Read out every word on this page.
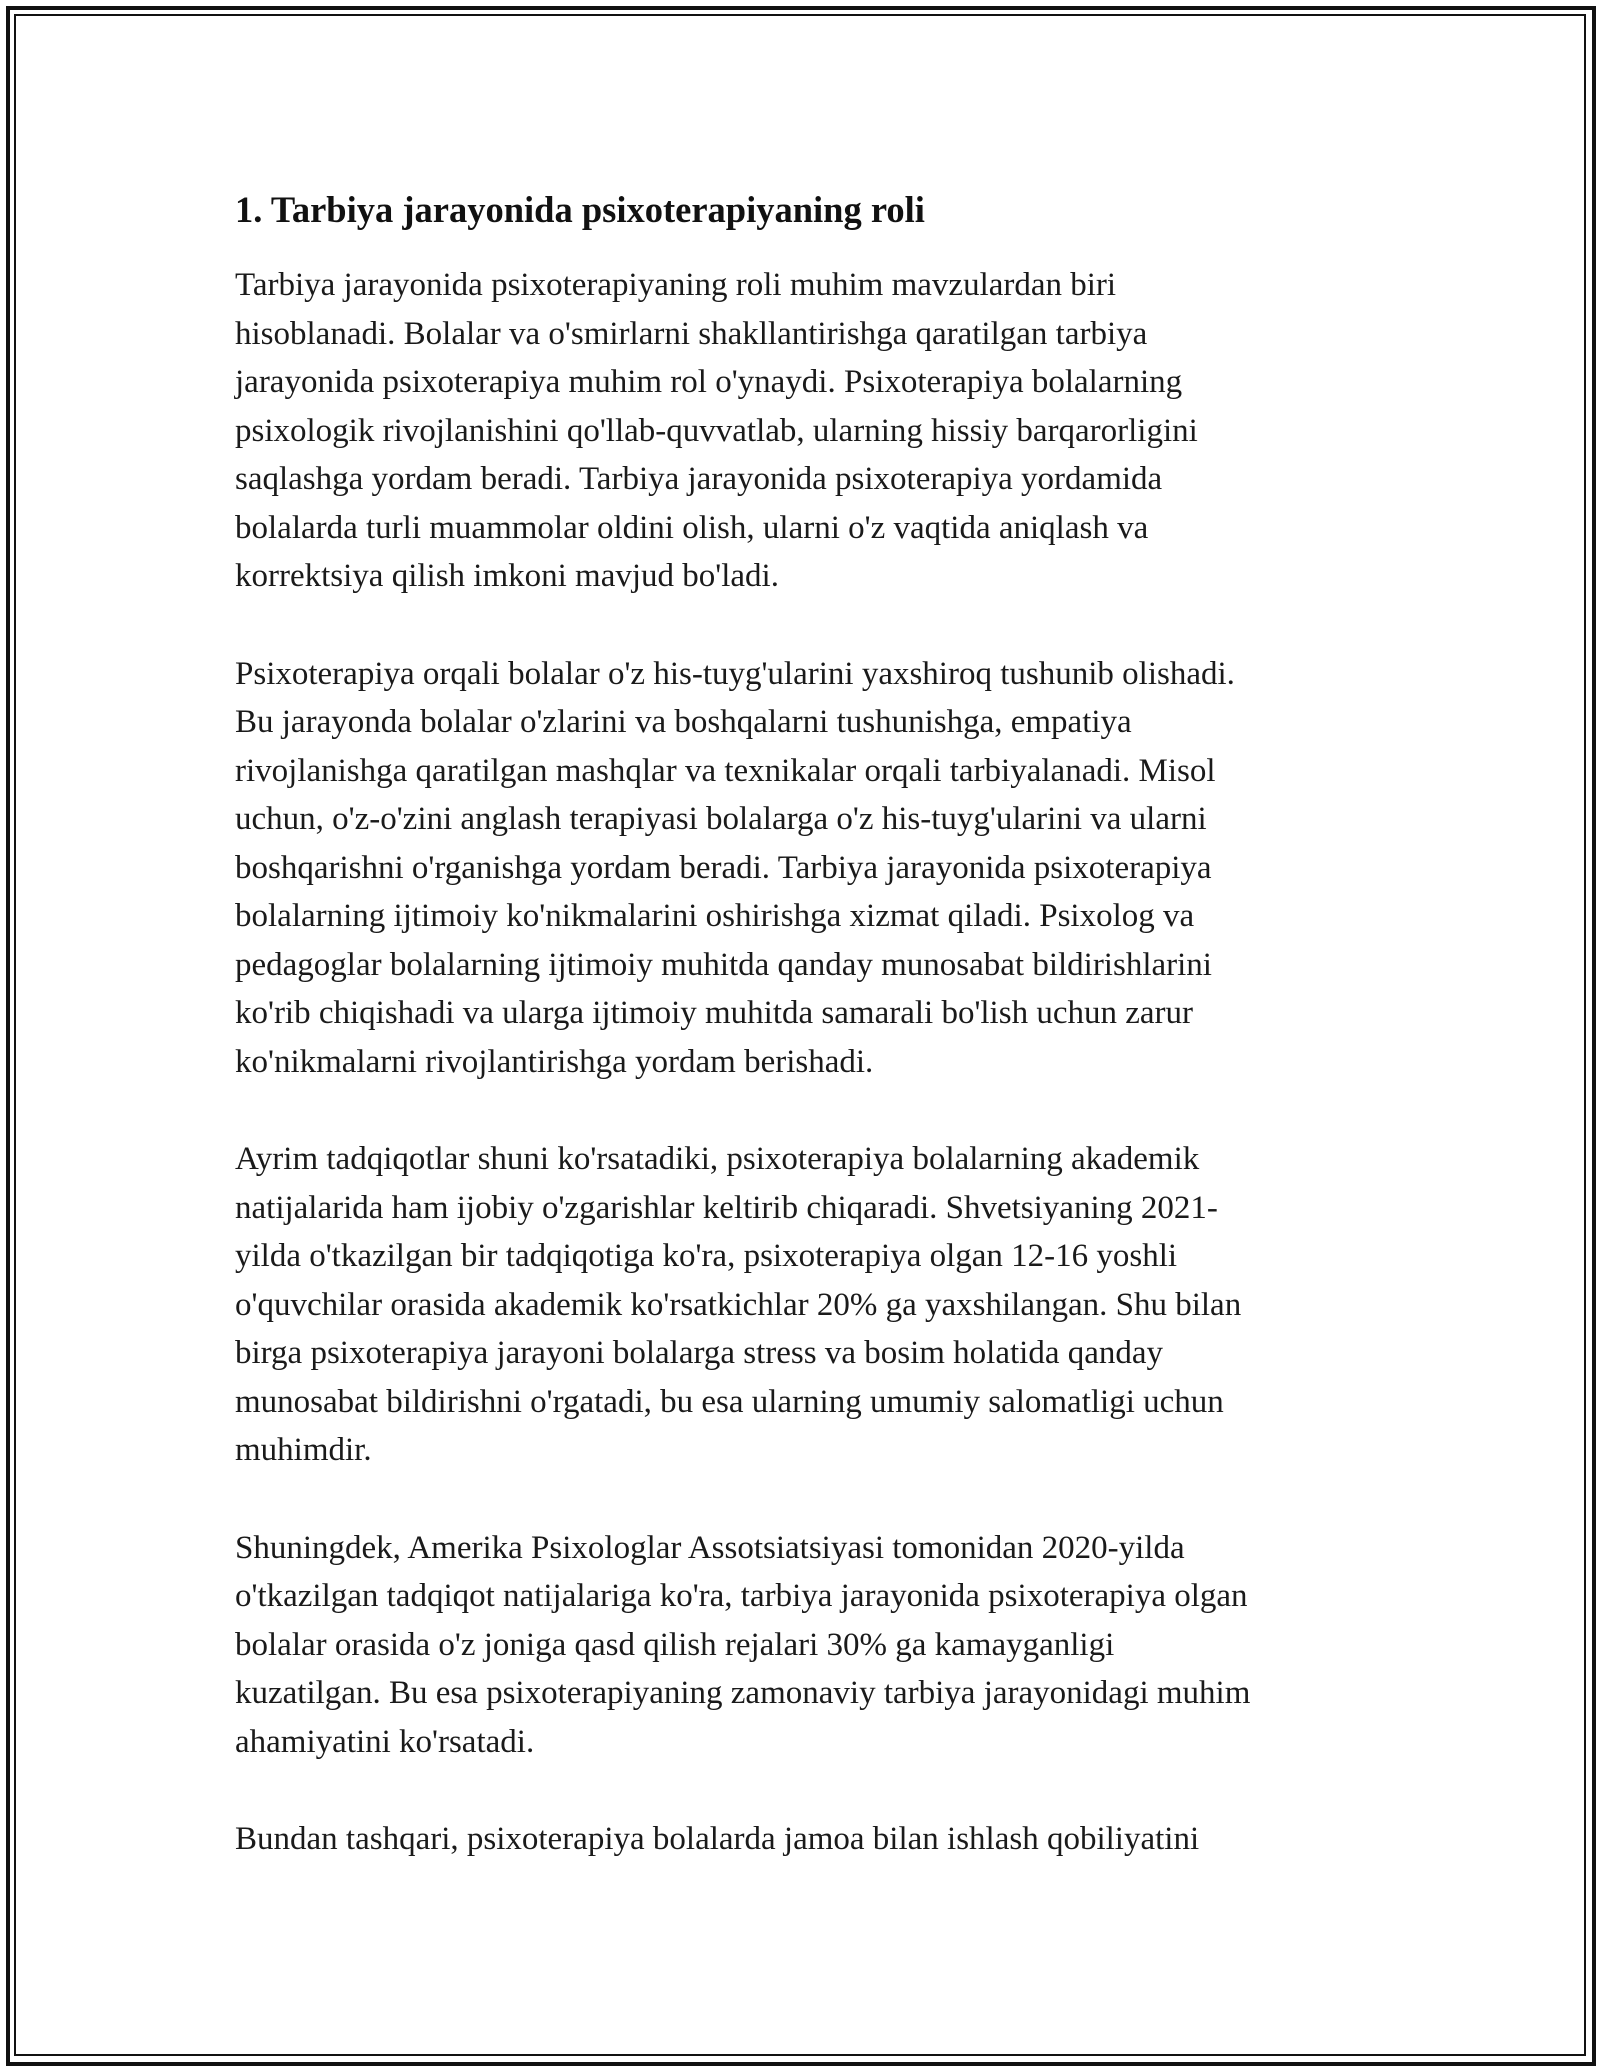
1. Tarbiya jarayonida psixoterapiyaning roli

Tarbiya jarayonida psixoterapiyaning roli muhim mavzulardan biri
hisoblanadi. Bolalar va o'smirlarni shakllantirishga qaratilgan tarbiya
jarayonida psixoterapiya muhim rol o'ynaydi. Psixoterapiya bolalarning
psixologik rivojlanishini qo'llab-quvvatlab, ularning hissiy barqarorligini
saqlashga yordam beradi. Tarbiya jarayonida psixoterapiya yordamida
bolalarda turli muammolar oldini olish, ularni o'z vaqtida aniqlash va
korrektsiya qilish imkoni mavjud bo'ladi.

Psixoterapiya orqali bolalar o'z his-tuyg'ularini yaxshiroq tushunib olishadi.
Bu jarayonda bolalar o'zlarini va boshqalarni tushunishga, empatiya
rivojlanishga qaratilgan mashqlar va texnikalar orqali tarbiyalanadi. Misol
uchun, o'z-o'zini anglash terapiyasi bolalarga o'z his-tuyg'ularini va ularni
boshqarishni o'rganishga yordam beradi. Tarbiya jarayonida psixoterapiya
bolalarning ijtimoiy ko'nikmalarini oshirishga xizmat qiladi. Psixolog va
pedagoglar bolalarning ijtimoiy muhitda qanday munosabat bildirishlarini
ko'rib chiqishadi va ularga ijtimoiy muhitda samarali bo'lish uchun zarur
ko'nikmalarni rivojlantirishga yordam berishadi.

Ayrim tadqiqotlar shuni ko'rsatadiki, psixoterapiya bolalarning akademik
natijalarida ham ijobiy o'zgarishlar keltirib chiqaradi. Shvetsiyaning 2021-
yilda o'tkazilgan bir tadqiqotiga ko'ra, psixoterapiya olgan 12-16 yoshli
o'quvchilar orasida akademik ko'rsatkichlar 20% ga yaxshilangan. Shu bilan
birga psixoterapiya jarayoni bolalarga stress va bosim holatida qanday
munosabat bildirishni o'rgatadi, bu esa ularning umumiy salomatligi uchun
muhimdir.

Shuningdek, Amerika Psixologlar Assotsiatsiyasi tomonidan 2020-yilda
o'tkazilgan tadqiqot natijalariga ko'ra, tarbiya jarayonida psixoterapiya olgan
bolalar orasida o'z joniga qasd qilish rejalari 30% ga kamayganligi
kuzatilgan. Bu esa psixoterapiyaning zamonaviy tarbiya jarayonidagi muhim
ahamiyatini ko'rsatadi.

Bundan tashqari, psixoterapiya bolalarda jamoa bilan ishlash qobiliyatini
